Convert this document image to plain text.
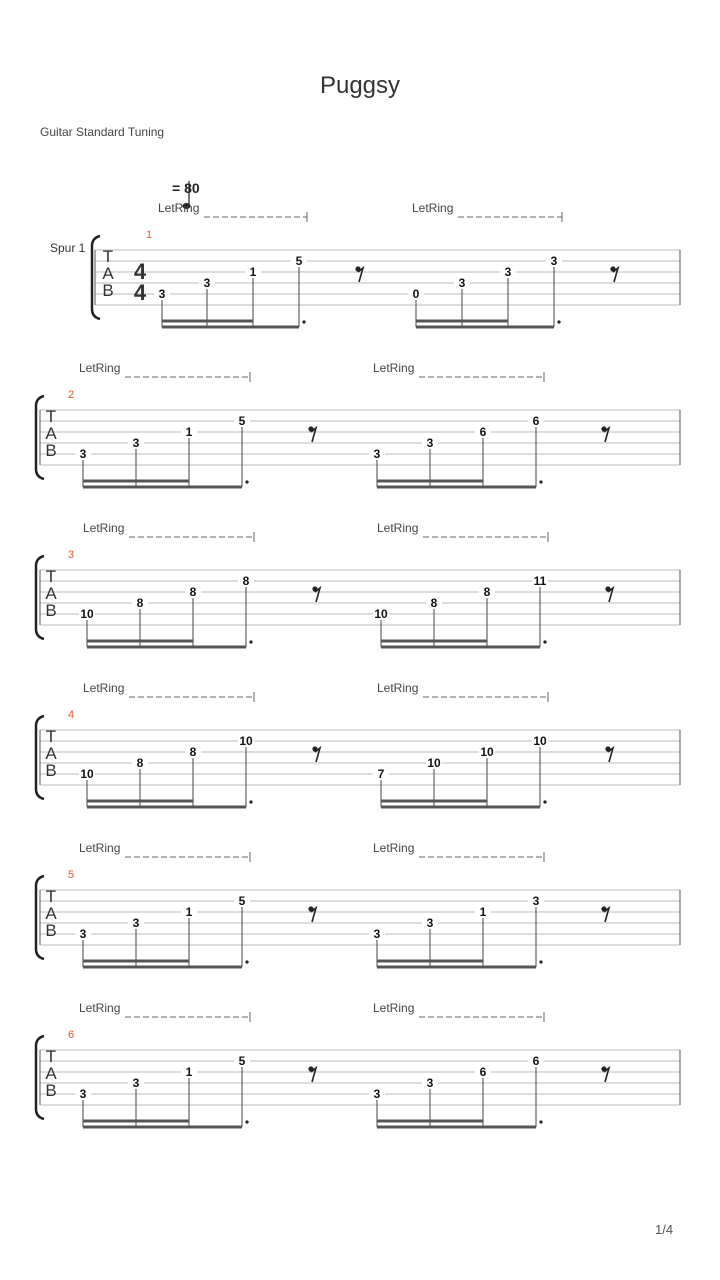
Puggsy
Guitar Standard Tuning
= 80
Spur 1
1/4
T
A
B
4
4
1
LetRing
3
3
1
5
LetRing
0
3
3
3
T
A
B
2
LetRing
3
3
1
5
LetRing
3
3
6
6
T
A
B
3
LetRing
10
8
8
8
LetRing
10
8
8
11
T
A
B
4
LetRing
10
8
8
10
LetRing
7
10
10
10
T
A
B
5
LetRing
3
3
1
5
LetRing
3
3
1
3
T
A
B
6
LetRing
3
3
1
5
LetRing
3
3
6
6
